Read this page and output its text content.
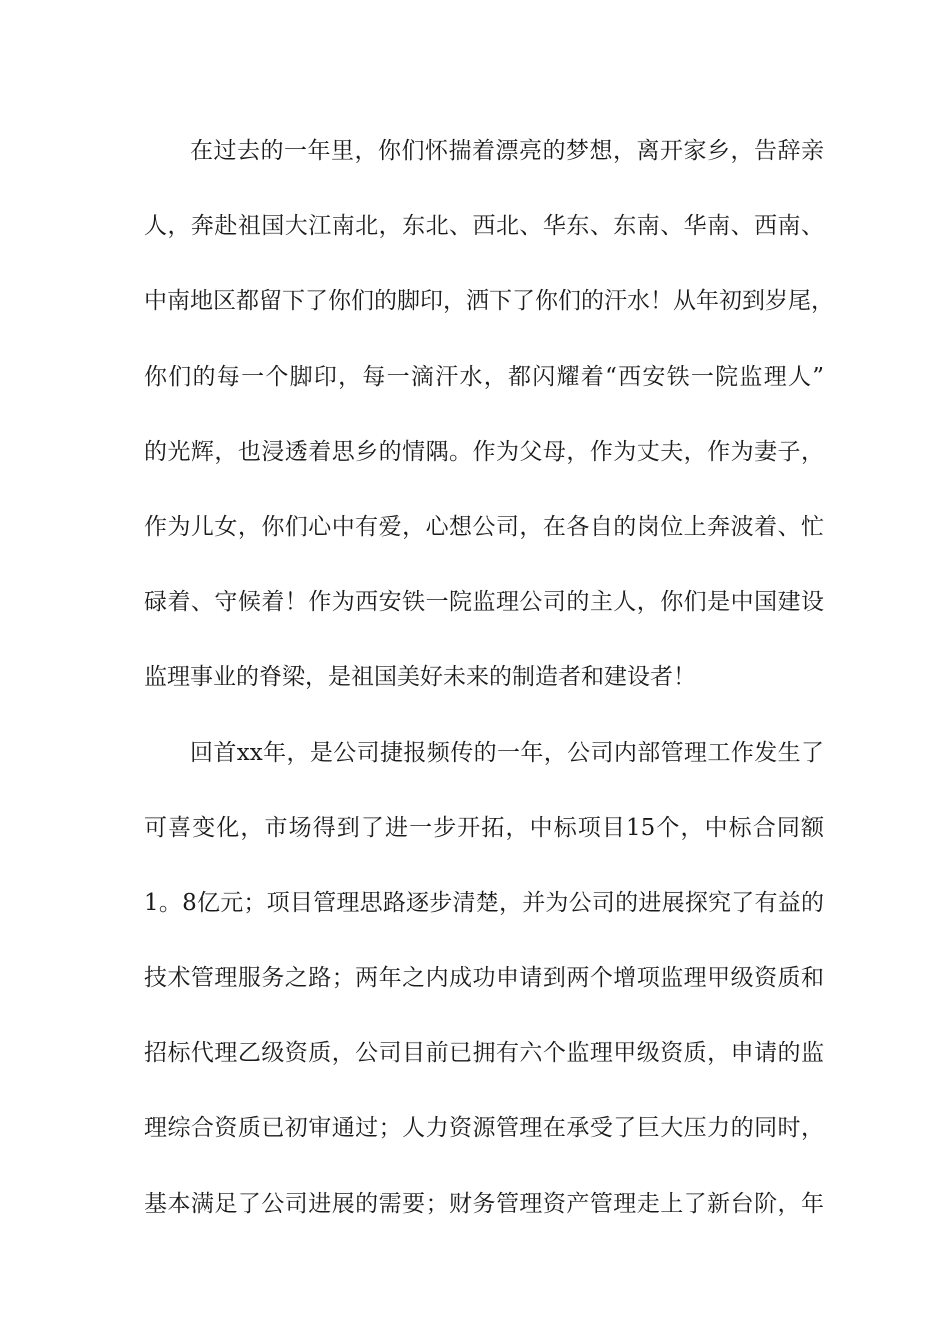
在过去的一年里，你们怀揣着漂亮的梦想，离开家乡，告辞亲
人，奔赴祖国大江南北，东北、西北、华东、东南、华南、西南、
中南地区都留下了你们的脚印，洒下了你们的汗水！从年初到岁尾，
你们的每一个脚印，每一滴汗水，都闪耀着“西安铁一院监理人”
的光辉，也浸透着思乡的情隅。作为父母，作为丈夫，作为妻子，
作为儿女，你们心中有爱，心想公司，在各自的岗位上奔波着、忙
碌着、守候着！作为西安铁一院监理公司的主人，你们是中国建设
监理事业的脊梁，是祖国美好未来的制造者和建设者！
回首xx年，是公司捷报频传的一年，公司内部管理工作发生了
可喜变化，市场得到了进一步开拓，中标项目15个，中标合同额
1。8亿元；项目管理思路逐步清楚，并为公司的进展探究了有益的
技术管理服务之路；两年之内成功申请到两个增项监理甲级资质和
招标代理乙级资质，公司目前已拥有六个监理甲级资质，申请的监
理综合资质已初审通过；人力资源管理在承受了巨大压力的同时，
基本满足了公司进展的需要；财务管理资产管理走上了新台阶，年
